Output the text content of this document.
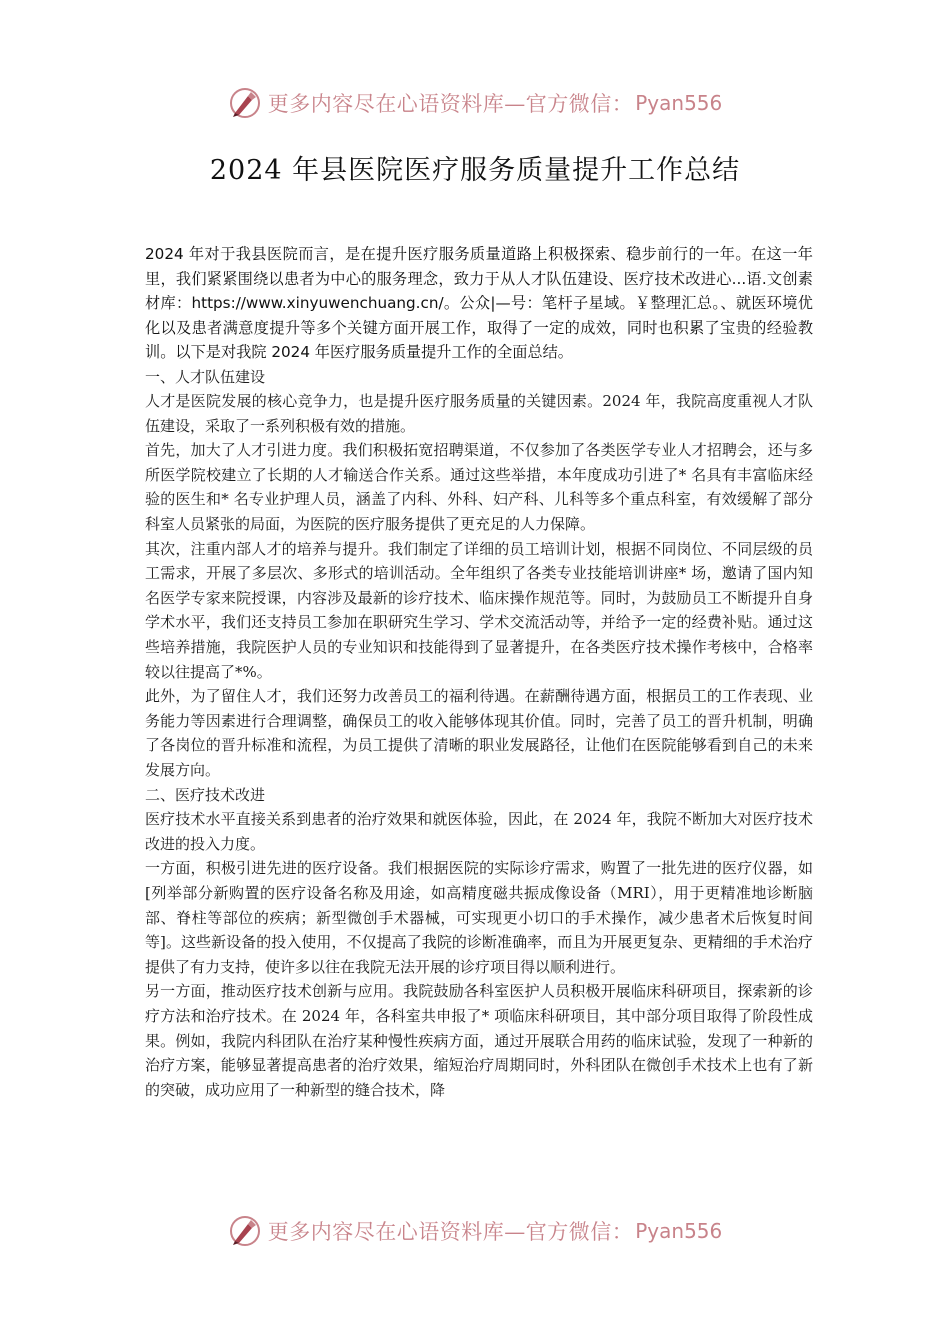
更多内容尽在心语资料库—官方微信： Pyan556
2024 年县医院医疗服务质量提升工作总结

2024 年对于我县医院而言，是在提升医疗服务质量道路上积极探索、稳步前行的一年。在这一年里，我们紧紧围绕以患者为中心的服务理念，致力于从人才队伍建设、医疗技术改进心...语.文创素材库：https://www.xinyuwenchuang.cn/。公众|—号：笔杆子星域。￥整理汇总。、就医环境优化以及患者满意度提升等多个关键方面开展工作，取得了一定的成效，同时也积累了宝贵的经验教训。以下是对我院 2024 年医疗服务质量提升工作的全面总结。

一、人才队伍建设

人才是医院发展的核心竞争力，也是提升医疗服务质量的关键因素。2024 年，我院高度重视人才队伍建设，采取了一系列积极有效的措施。

首先，加大了人才引进力度。我们积极拓宽招聘渠道，不仅参加了各类医学专业人才招聘会，还与多所医学院校建立了长期的人才输送合作关系。通过这些举措，本年度成功引进了* 名具有丰富临床经验的医生和* 名专业护理人员，涵盖了内科、外科、妇产科、儿科等多个重点科室，有效缓解了部分科室人员紧张的局面，为医院的医疗服务提供了更充足的人力保障。

其次，注重内部人才的培养与提升。我们制定了详细的员工培训计划，根据不同岗位、不同层级的员工需求，开展了多层次、多形式的培训活动。全年组织了各类专业技能培训讲座* 场，邀请了国内知名医学专家来院授课，内容涉及最新的诊疗技术、临床操作规范等。同时，为鼓励员工不断提升自身学术水平，我们还支持员工参加在职研究生学习、学术交流活动等，并给予一定的经费补贴。通过这些培养措施，我院医护人员的专业知识和技能得到了显著提升，在各类医疗技术操作考核中，合格率较以往提高了*%。

此外，为了留住人才，我们还努力改善员工的福利待遇。在薪酬待遇方面，根据员工的工作表现、业务能力等因素进行合理调整，确保员工的收入能够体现其价值。同时，完善了员工的晋升机制，明确了各岗位的晋升标准和流程，为员工提供了清晰的职业发展路径，让他们在医院能够看到自己的未来发展方向。

二、医疗技术改进

医疗技术水平直接关系到患者的治疗效果和就医体验，因此，在 2024 年，我院不断加大对医疗技术改进的投入力度。

一方面，积极引进先进的医疗设备。我们根据医院的实际诊疗需求，购置了一批先进的医疗仪器，如 [列举部分新购置的医疗设备名称及用途，如高精度磁共振成像设备（MRI），用于更精准地诊断脑部、脊柱等部位的疾病；新型微创手术器械，可实现更小切口的手术操作，减少患者术后恢复时间等]。这些新设备的投入使用，不仅提高了我院的诊断准确率，而且为开展更复杂、更精细的手术治疗提供了有力支持，使许多以往在我院无法开展的诊疗项目得以顺利进行。

另一方面，推动医疗技术创新与应用。我院鼓励各科室医护人员积极开展临床科研项目，探索新的诊疗方法和治疗技术。在 2024 年，各科室共申报了* 项临床科研项目，其中部分项目取得了阶段性成果。例如，我院内科团队在治疗某种慢性疾病方面，通过开展联合用药的临床试验，发现了一种新的治疗方案，能够显著提高患者的治疗效果，缩短治疗周期同时，外科团队在微创手术技术上也有了新的突破，成功应用了一种新型的缝合技术，降

更多内容尽在心语资料库—官方微信： Pyan556
